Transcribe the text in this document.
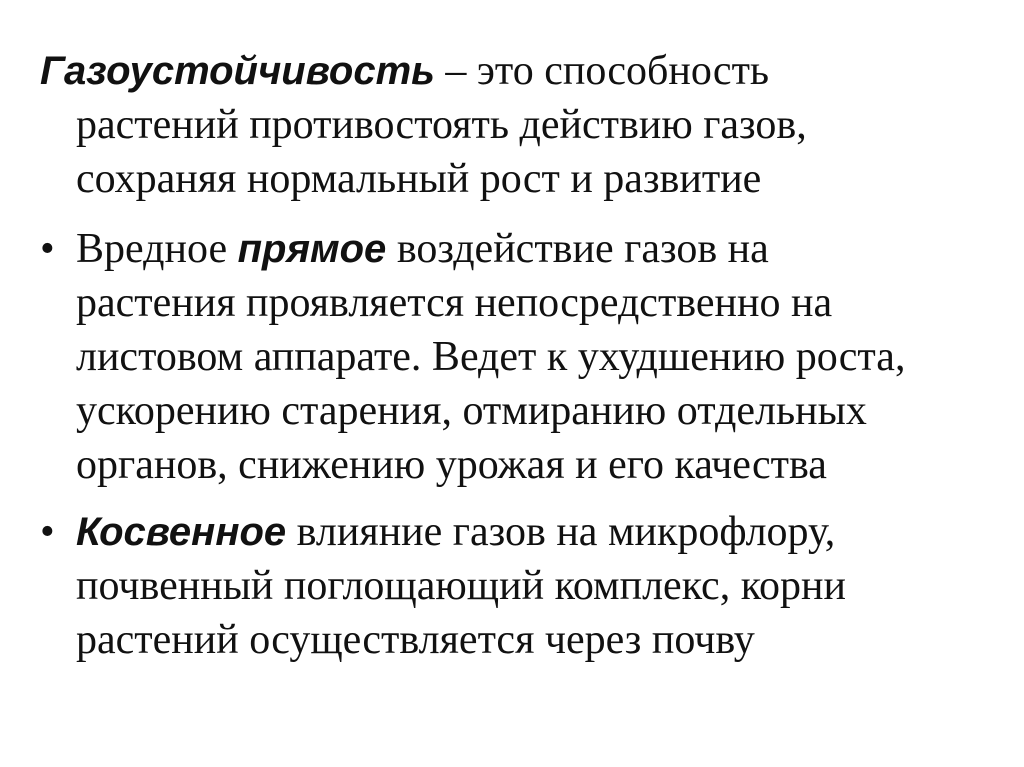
Газоустойчивость – это способность
растений противостоять действию газов,
сохраняя нормальный рост и развитие
• Вредное прямое воздействие газов на
растения проявляется непосредственно на
листовом аппарате. Ведет к ухудшению роста,
ускорению старения, отмиранию отдельных
органов, снижению урожая и его качества
• Косвенное влияние газов на микрофлору,
почвенный поглощающий комплекс, корни
растений осуществляется через почву
